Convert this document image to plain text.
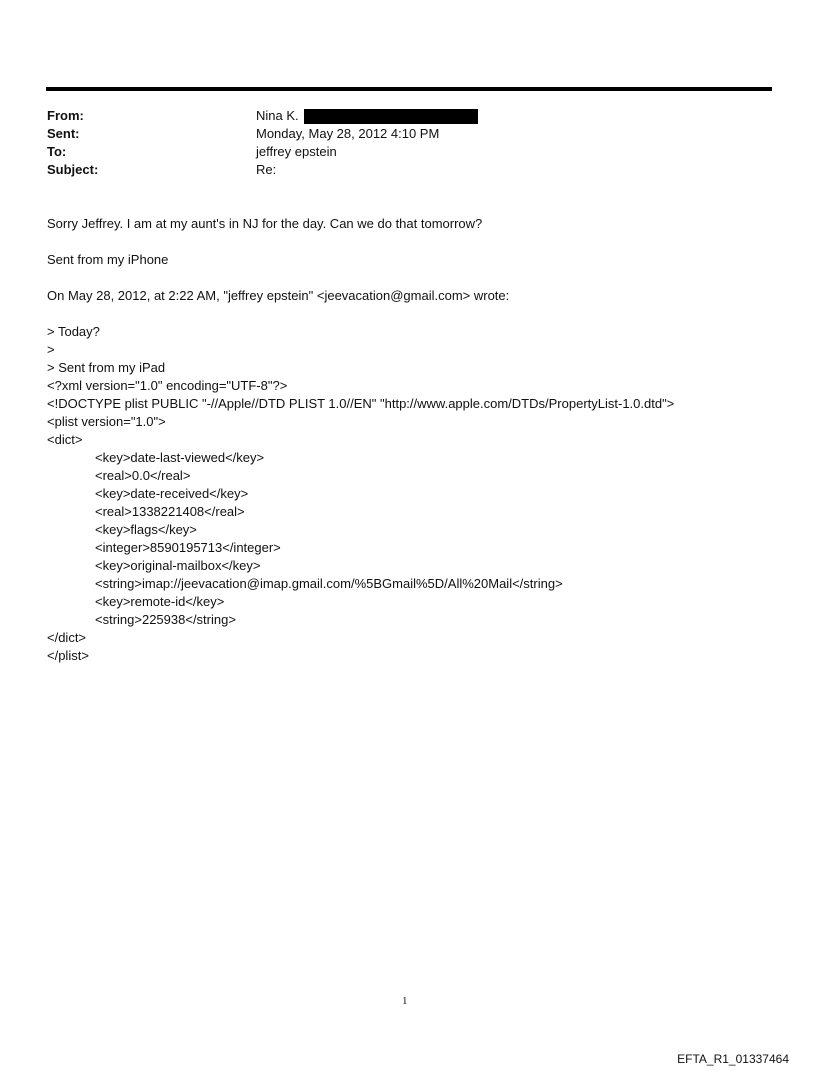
From:	Nina K.
Sent:	Monday, May 28, 2012 4:10 PM
To:	jeffrey epstein
Subject:	Re:

Sorry Jeffrey. I am at my aunt's in NJ for the day. Can we do that tomorrow?

Sent from my iPhone

On May 28, 2012, at 2:22 AM, "jeffrey epstein" <jeevacation@gmail.com> wrote:

> Today?

>

> Sent from my iPad

<?xml version="1.0" encoding="UTF-8"?>

<!DOCTYPE plist PUBLIC "-//Apple//DTD PLIST 1.0//EN" "http://www.apple.com/DTDs/PropertyList-1.0.dtd">

<plist version="1.0">

<dict>

<key>date-last-viewed</key>

<real>0.0</real>

<key>date-received</key>

<real>1338221408</real>

<key>flags</key>

<integer>8590195713</integer>

<key>original-mailbox</key>

<string>imap://jeevacation@imap.gmail.com/%5BGmail%5D/All%20Mail</string>

<key>remote-id</key>

<string>225938</string>

</dict>

</plist>

1
EFTA_R1_01337464
